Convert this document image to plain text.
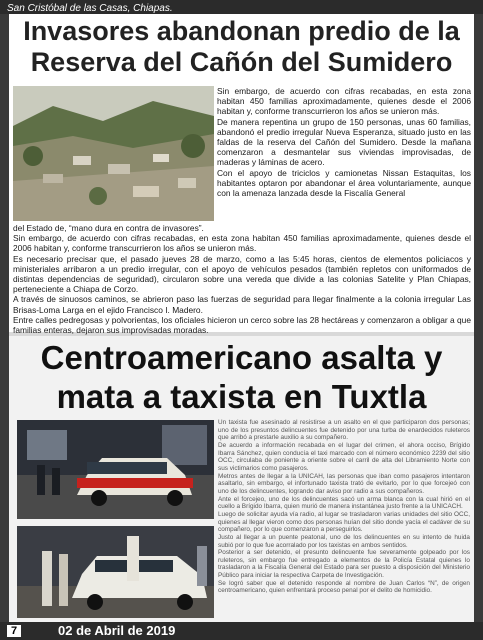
San Cristóbal de las Casas, Chiapas.
Invasores abandonan predio de la
Reserva del Cañón del Sumidero

Sin embargo, de acuerdo con cifras recabadas, en esta zona habitan 450 familias aproximadamente, quienes desde el 2006 habitan y, conforme transcurrieron los años se unieron más.

De manera repentina un grupo de 150 personas, unas 60 familias, abandonó el predio irregular Nueva Esperanza, situado justo en las faldas de la reserva del Cañón del Sumidero. Desde la mañana comenzaron a desmantelar sus viviendas improvisadas, de maderas y láminas de acero.

Con el apoyo de triciclos y camionetas Nissan Estaquitas, los habitantes optaron por abandonar el área voluntariamente, aunque con la amenaza lanzada desde la Fiscalía General

del Estado de, “mano dura en contra de invasores”.

Sin embargo, de acuerdo con cifras recabadas, en esta zona habitan 450 familias aproximadamente, quienes desde el 2006 habitan y, conforme transcurrieron los años se unieron más.

Es necesario precisar que, el pasado jueves 28 de marzo, como a las 5:45 horas, cientos de elementos policiacos y ministeriales arribaron a un predio irregular, con el apoyo de vehículos pesados (también repletos con uniformados de distintas dependencias de seguridad), circularon sobre una vereda que divide a las colonias Satelite y Plan Chiapas, perteneciente a Chiapa de Corzo.

A través de sinuosos caminos, se abrieron paso las fuerzas de seguridad para llegar finalmente a la colonia irregular Las Brisas-Loma Larga en el ejido Francisco I. Madero.

Entre calles pedregosas y polvorientas, los oficiales hicieron un cerco sobre las 28 hectáreas y comenzaron a obligar a que familias enteras, dejaron sus improvisadas moradas.

Centroamericano asalta y
mata a taxista en Tuxtla

Un taxista fue asesinado al resistirse a un asalto en el que participaron dos personas; uno de los presuntos delincuentes fue detenido por una turba de enardecidos ruleteros que arribó a prestarle auxilio a su compañero.

De acuerdo a información recabada en el lugar del crimen, el ahora occiso, Brígido Ibarra Sánchez, quien conducía el taxi marcado con el número económico 2239 del sitio OCC, circulaba de poniente a oriente sobre el carril de alta del Libramiento Norte con sus victimarios como pasajeros.

Metros antes de llegar a la UNICAH, las personas que iban como pasajeros intentaron asaltarlo, sin embargo, el infortunado taxista trató de evitarlo, por lo que forcejeó con uno de los delincuentes, logrando dar aviso por radio a sus compañeros.

Ante el forcejeo, uno de los delincuentes sacó un arma blanca con la cual hirió en el cuello a Brígido Ibarra, quien murió de manera instantánea justo frente a la UNICACH.

Luego de solicitar ayuda vía radio, al lugar se trasladaron varias unidades del sitio OCC, quienes al llegar vieron como dos personas huían del sitio donde yacía el cadáver de su compañero, por lo que comenzaron a perseguirlos.

Justo al llegar a un puente peatonal, uno de los delincuentes en su intento de huida subió por lo que fue acorralado por los taxistas en ambos sentidos.

Posterior a ser detenido, el presunto delincuente fue severamente golpeado por los ruleteros, sin embargo fue entregado a elementos de la Policía Estatal quienes lo trasladaron a la Fiscalía General del Estado para ser puesto a disposición del Ministerio Público para iniciar la respectiva Carpeta de Investigación.

Se logró saber que el detenido responde al nombre de Juan Carlos “N”, de origen centroamericano, quien enfrentará proceso penal por el delito de homicidio.

7	02 de Abril de 2019
